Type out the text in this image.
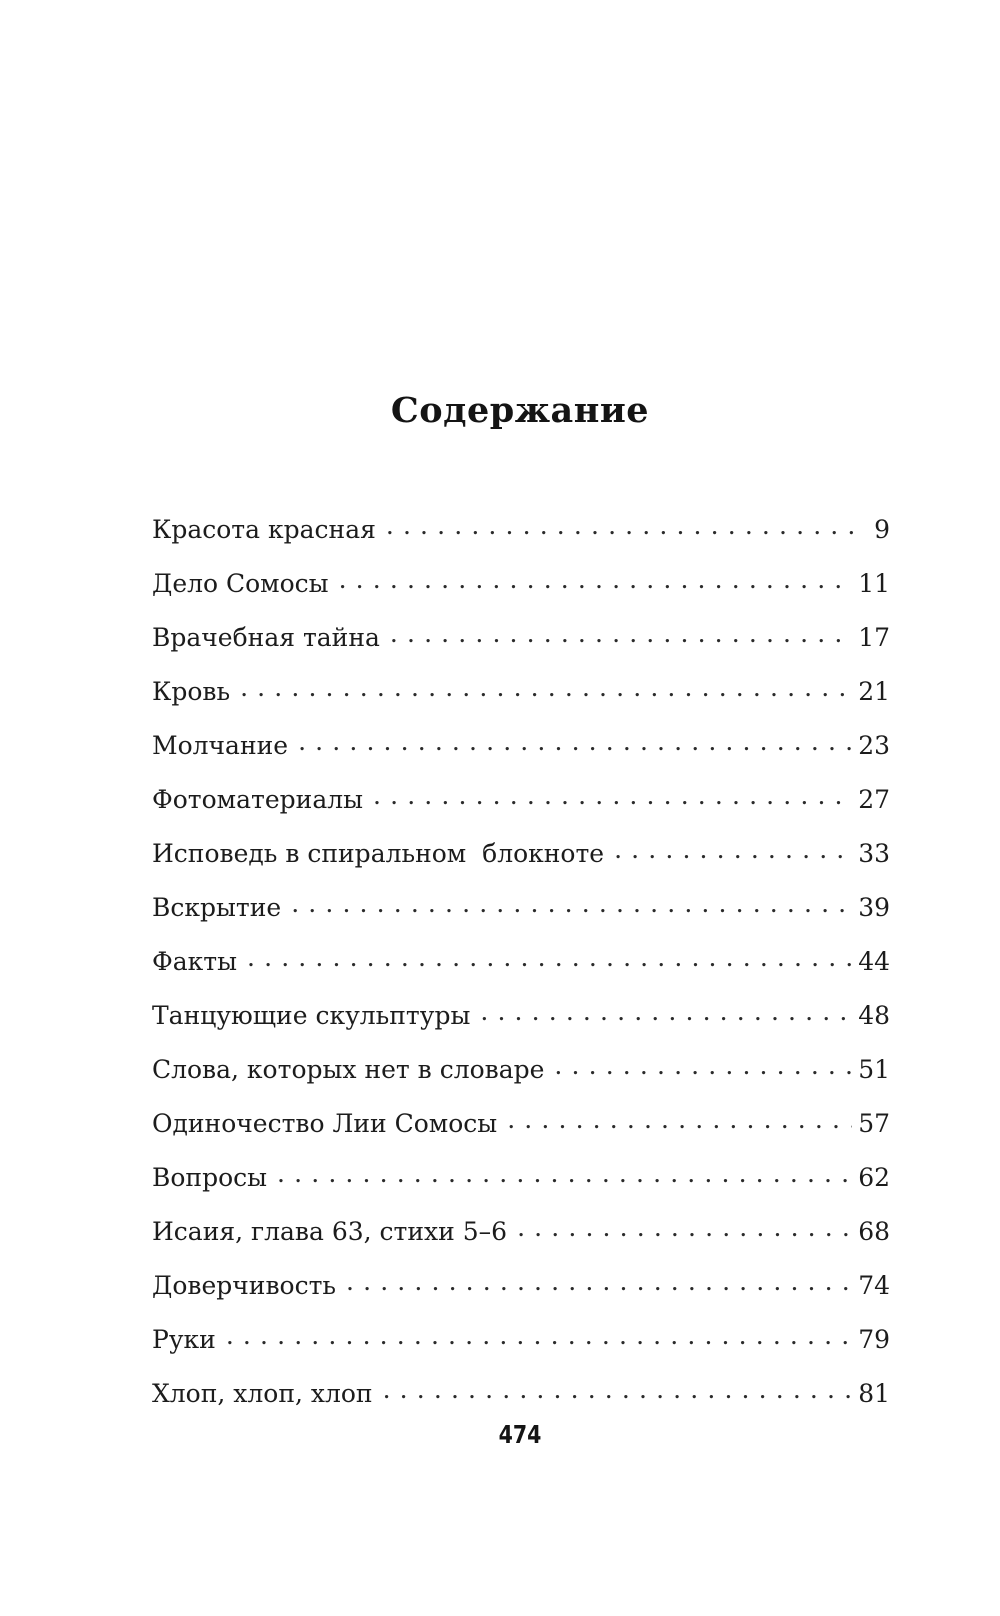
Содержание
Красота красная . . .	9
Дело Сомосы . . .	11
Врачебная тайна . . .	17
Кровь . . .	21
Молчание . . .	23
Фотоматериалы . . .	27
Исповедь в спиральном  блокноте . . .	33
Вскрытие . . .	39
Факты . . .	44
Танцующие скульптуры . . .	48
Слова, которых нет в словаре . . .	51
Одиночество Лии Сомосы . . .	57
Вопросы . . .	62
Исаия, глава 63, стихи 5–6 . . .	68
Доверчивость . . .	74
Руки . . .	79
Хлоп, хлоп, хлоп . . .	81
474
